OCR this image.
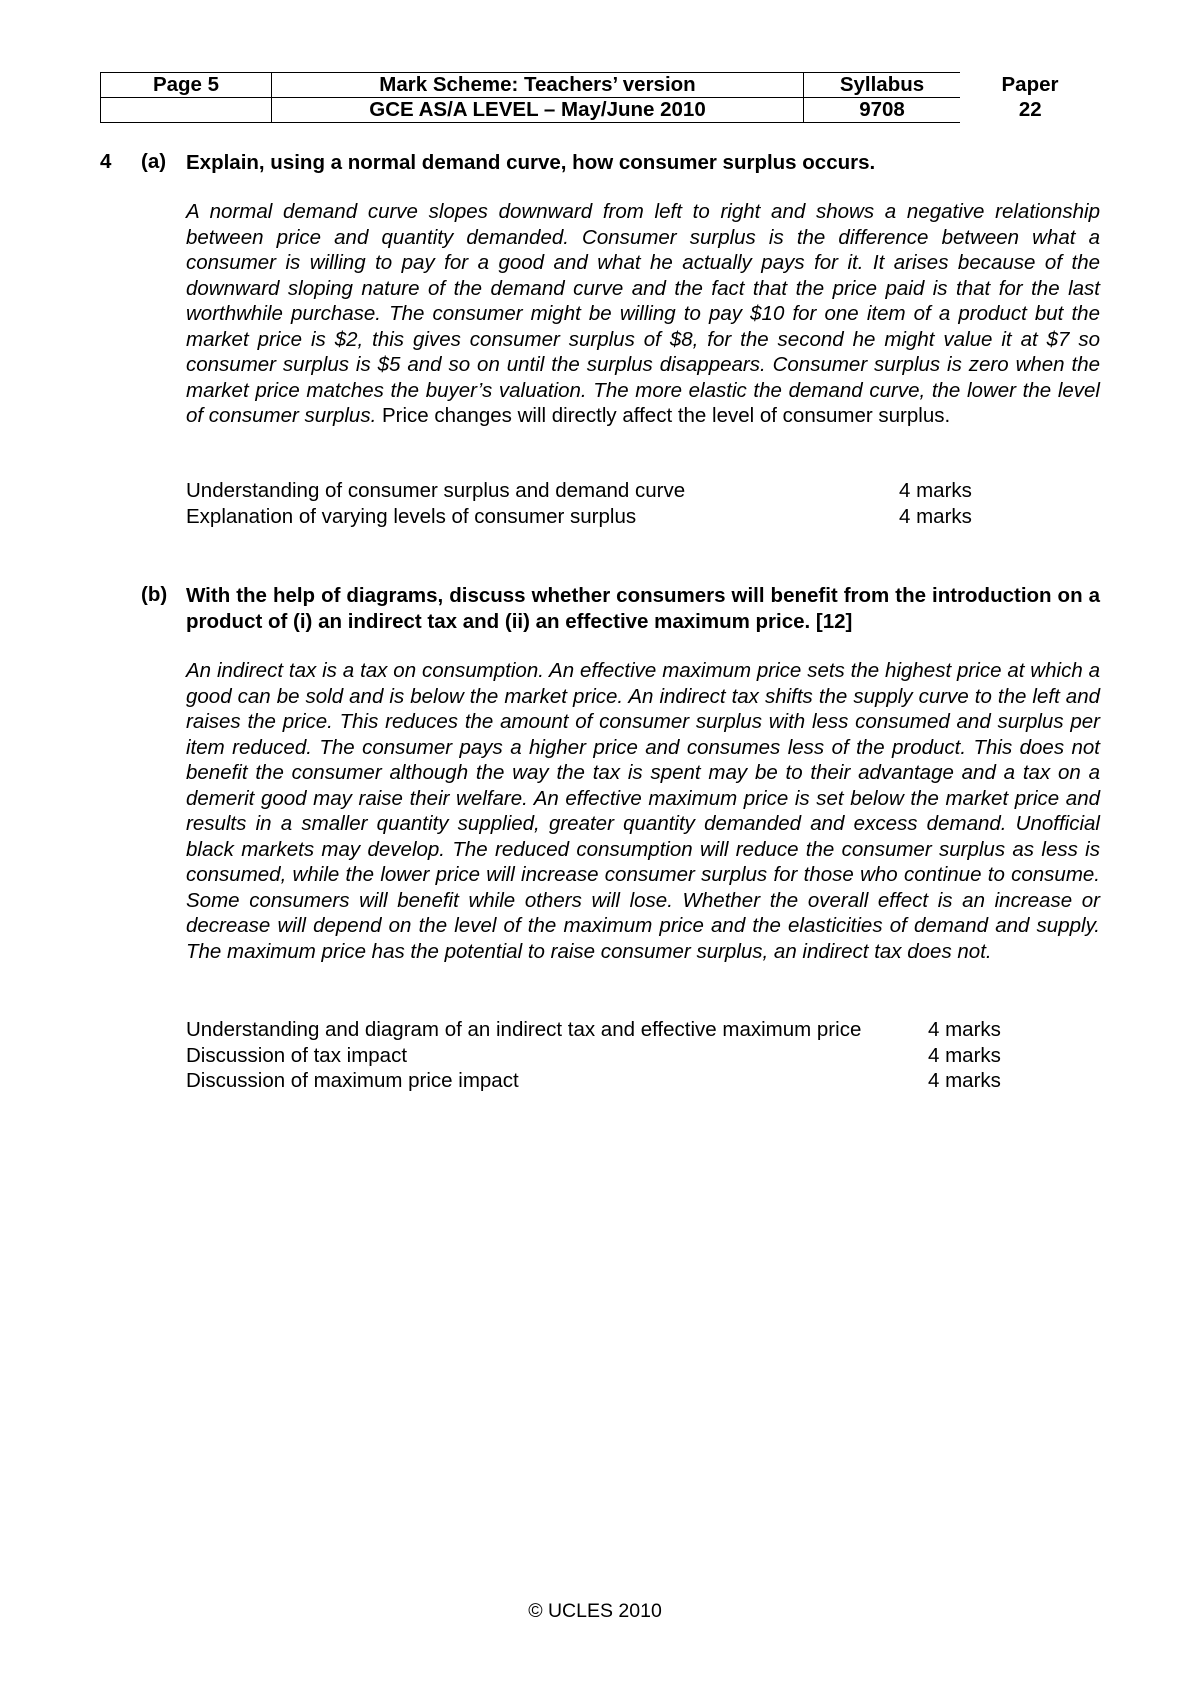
Page 5	Mark Scheme: Teachers’ version	Syllabus	Paper
	GCE AS/A LEVEL – May/June 2010	9708	22
4 (a) Explain, using a normal demand curve, how consumer surplus occurs.
A normal demand curve slopes downward from left to right and shows a negative relationship between price and quantity demanded. Consumer surplus is the difference between what a consumer is willing to pay for a good and what he actually pays for it. It arises because of the downward sloping nature of the demand curve and the fact that the price paid is that for the last worthwhile purchase. The consumer might be willing to pay $10 for one item of a product but the market price is $2, this gives consumer surplus of $8, for the second he might value it at $7 so consumer surplus is $5 and so on until the surplus disappears. Consumer surplus is zero when the market price matches the buyer’s valuation. The more elastic the demand curve, the lower the level of consumer surplus. Price changes will directly affect the level of consumer surplus.
Understanding of consumer surplus and demand curve	4 marks
Explanation of varying levels of consumer surplus	4 marks
(b) With the help of diagrams, discuss whether consumers will benefit from the introduction on a product of (i) an indirect tax and (ii) an effective maximum price. [12]
An indirect tax is a tax on consumption. An effective maximum price sets the highest price at which a good can be sold and is below the market price. An indirect tax shifts the supply curve to the left and raises the price. This reduces the amount of consumer surplus with less consumed and surplus per item reduced. The consumer pays a higher price and consumes less of the product. This does not benefit the consumer although the way the tax is spent may be to their advantage and a tax on a demerit good may raise their welfare. An effective maximum price is set below the market price and results in a smaller quantity supplied, greater quantity demanded and excess demand. Unofficial black markets may develop. The reduced consumption will reduce the consumer surplus as less is consumed, while the lower price will increase consumer surplus for those who continue to consume. Some consumers will benefit while others will lose. Whether the overall effect is an increase or decrease will depend on the level of the maximum price and the elasticities of demand and supply. The maximum price has the potential to raise consumer surplus, an indirect tax does not.
Understanding and diagram of an indirect tax and effective maximum price	4 marks
Discussion of tax impact	4 marks
Discussion of maximum price impact	4 marks
© UCLES 2010
